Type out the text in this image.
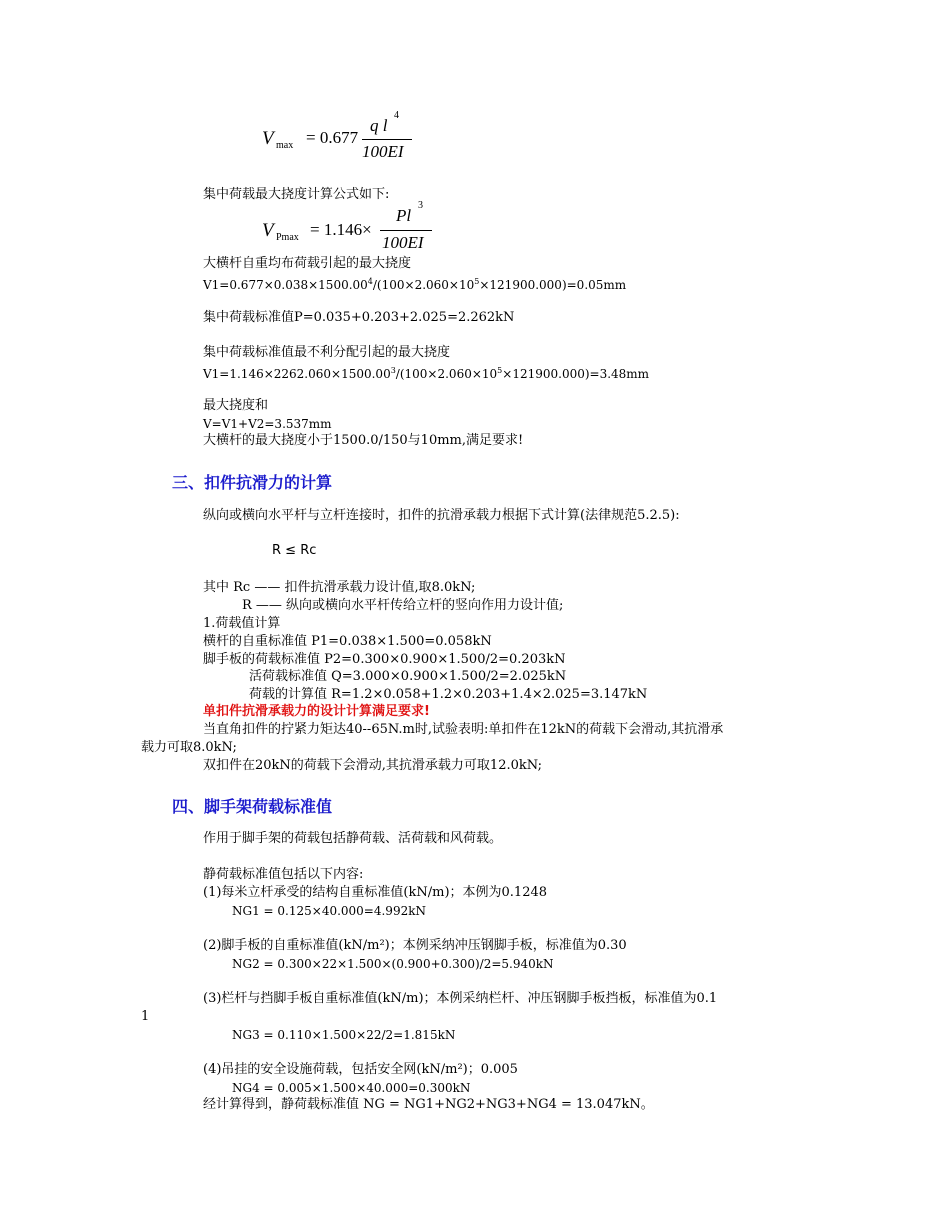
V max = 0.677
q l
4
100EI
集中荷载最大挠度计算公式如下:
V Pmax = 1.146×
Pl
3
100EI
大横杆自重均布荷载引起的最大挠度
$V1=0.677\times 0.038\times 1500.00^4/(100\times 2.060\times 10^5\times 121900.000)=0.05mm$
集中荷载标准值P=0.035+0.203+2.025=2.262kN
集中荷载标准值最不利分配引起的最大挠度
$V1=1.146\times 2262.060\times 1500.00^3/(100\times 2.060\times 10^5\times 121900.000)=3.48mm$
最大挠度和
V=V1+V2=3.537mm
大横杆的最大挠度小于1500.0/150与10mm,满足要求!
三、扣件抗滑力的计算
纵向或横向水平杆与立杆连接时，扣件的抗滑承载力根据下式计算(法律规范5.2.5):
R ≤ Rc
其中 Rc —— 扣件抗滑承载力设计值,取8.0kN;
R —— 纵向或横向水平杆传给立杆的竖向作用力设计值;
1.荷载值计算
横杆的自重标准值 P1=0.038×1.500=0.058kN
脚手板的荷载标准值 P2=0.300×0.900×1.500/2=0.203kN
活荷载标准值 Q=3.000×0.900×1.500/2=2.025kN
荷载的计算值 R=1.2×0.058+1.2×0.203+1.4×2.025=3.147kN
单扣件抗滑承载力的设计计算满足要求!
当直角扣件的拧紧力矩达40--65N.m时,试验表明:单扣件在12kN的荷载下会滑动,其抗滑承
载力可取8.0kN;
双扣件在20kN的荷载下会滑动,其抗滑承载力可取12.0kN;
四、脚手架荷载标准值
作用于脚手架的荷载包括静荷载、活荷载和风荷载。
静荷载标准值包括以下内容:
(1)每米立杆承受的结构自重标准值(kN/m)；本例为0.1248
NG1 = 0.125×40.000=4.992kN
(2)脚手板的自重标准值(kN/m²)；本例采纳冲压钢脚手板，标准值为0.30
NG2 = 0.300×22×1.500×(0.900+0.300)/2=5.940kN
(3)栏杆与挡脚手板自重标准值(kN/m)；本例采纳栏杆、冲压钢脚手板挡板，标准值为0.1
1
NG3 = 0.110×1.500×22/2=1.815kN
(4)吊挂的安全设施荷载，包括安全网(kN/m²)；0.005
NG4 = 0.005×1.500×40.000=0.300kN
经计算得到，静荷载标准值 NG = NG1+NG2+NG3+NG4 = 13.047kN。
